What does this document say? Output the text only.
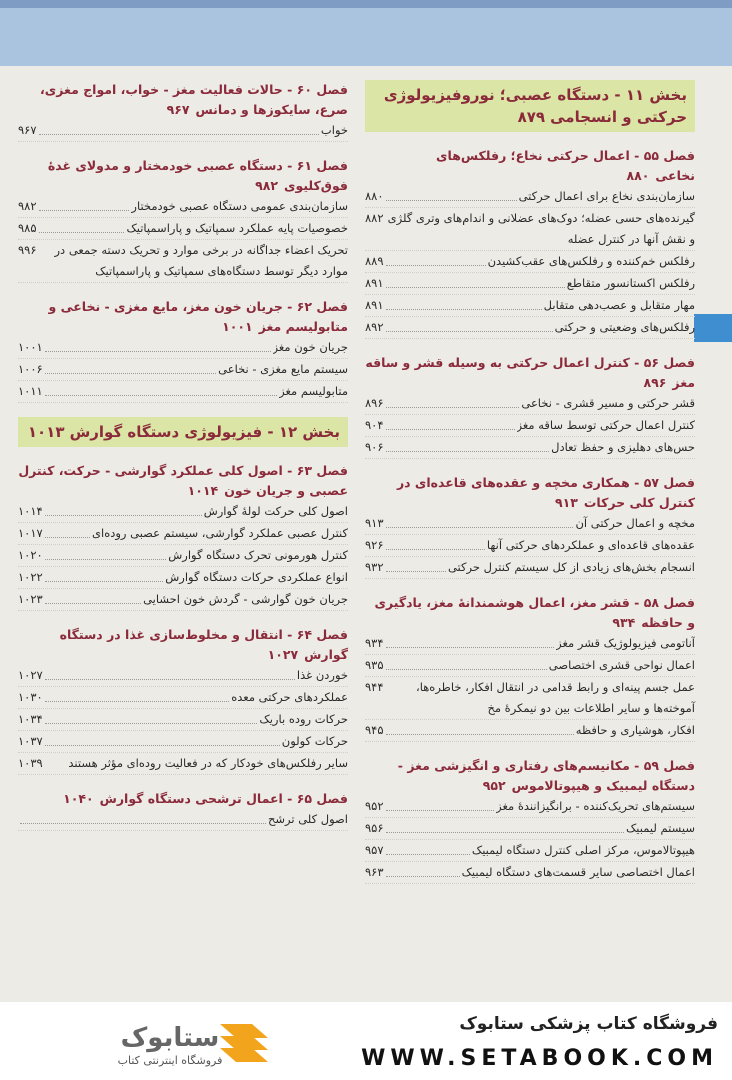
بخش ۱۱ - دستگاه عصبی؛ نوروفیزیولوژی حرکتی و انسجامی ۸۷۹
فصل ۵۵ - اعمال حرکتی نخاع؛ رفلکس‌های نخاعی۸۸۰
سازمان‌بندی نخاع برای اعمال حرکتی
۸۸۰
۸۸۲ گیرنده‌های حسی عضله؛ دوک‌های عضلانی و اندام‌های وتری گلژی و نقش آنها در کنترل عضله
رفلکس خم‌کننده و رفلکس‌های عقب‌کشیدن
۸۸۹
رفلکس اکستانسور متقاطع
۸۹۱
مهار متقابل و عصب‌دهی متقابل
۸۹۱
رفلکس‌های وضعیتی و حرکتی
۸۹۲
فصل ۵۶ - کنترل اعمال حرکتی به وسیله قشر و ساقه مغز۸۹۶
قشر حرکتی و مسیر قشری - نخاعی
۸۹۶
کنترل اعمال حرکتی توسط ساقه مغز
۹۰۴
حس‌های دهلیزی و حفظ تعادل
۹۰۶
فصل ۵۷ - همکاری مخچه و عقده‌های قاعده‌ای در کنترل کلی حرکات۹۱۳
مخچه و اعمال حرکتی آن
۹۱۳
عقده‌های قاعده‌ای و عملکردهای حرکتی آنها
۹۲۶
انسجام بخش‌های زیادی از کل سیستم کنترل حرکتی
۹۳۲
فصل ۵۸ - قشر مغز، اعمال هوشمندانهٔ مغز، یادگیری و حافظه۹۳۴
آناتومی فیزیولوژیک قشر مغز
۹۳۴
اعمال نواحی قشری اختصاصی
۹۳۵
۹۴۴	عمل جسم پینه‌ای و رابط قدامی در انتقال افکار، خاطره‌ها، آموخته‌ها و سایر اطلاعات بین دو نیمکرهٔ مخ
افکار، هوشیاری و حافظه
۹۴۵
فصل ۵۹ - مکانیسم‌های رفتاری و انگیزشی مغز - دستگاه لیمبیک و هیپوتالاموس۹۵۲
سیستم‌های تحریک‌کننده - برانگیزانندهٔ مغز
۹۵۲
سیستم لیمبیک
۹۵۶
هیپوتالاموس، مرکز اصلی کنترل دستگاه لیمبیک
۹۵۷
اعمال اختصاصی سایر قسمت‌های دستگاه لیمبیک
۹۶۳
فصل ۶۰ - حالات فعالیت مغز - خواب، امواج مغزی، صرع، سایکوزها و دمانس۹۶۷
خواب
۹۶۷
فصل ۶۱ - دستگاه عصبی خودمختار و مدولای غدهٔ فوق‌کلیوی۹۸۲
سازمان‌بندی عمومی دستگاه عصبی خودمختار
۹۸۲
خصوصیات پایه عملکرد سمپاتیک و پاراسمپاتیک
۹۸۵
۹۹۶ تحریک اعضاء جداگانه در برخی موارد و تحریک دسته جمعی در موارد دیگر توسط دستگاه‌های سمپاتیک و پاراسمپاتیک
فصل ۶۲ - جریان خون مغز، مایع مغزی - نخاعی و متابولیسم مغز۱۰۰۱
جریان خون مغز
۱۰۰۱
سیستم مایع مغزی - نخاعی
۱۰۰۶
متابولیسم مغز
۱۰۱۱
بخش ۱۲ - فیزیولوژی دستگاه گوارش ۱۰۱۳
فصل ۶۳ - اصول کلی عملکرد گوارشی - حرکت، کنترل عصبی و جریان خون۱۰۱۴
اصول کلی حرکت لولهٔ گوارش
۱۰۱۴
کنترل عصبی عملکرد گوارشی، سیستم عصبی روده‌ای
۱۰۱۷
کنترل هورمونی تحرک دستگاه گوارش
۱۰۲۰
انواع عملکردی حرکات دستگاه گوارش
۱۰۲۲
جریان خون گوارشی - گردش خون احشایی
۱۰۲۳
فصل ۶۴ - انتقال و مخلوط‌سازی غذا در دستگاه گوارش۱۰۲۷
خوردن غذا
۱۰۲۷
عملکردهای حرکتی معده
۱۰۳۰
حرکات روده باریک
۱۰۳۴
حرکات کولون
۱۰۳۷
۱۰۳۹ سایر رفلکس‌های خودکار که در فعالیت روده‌ای مؤثر هستند
فصل ۶۵ - اعمال ترشحی دستگاه گوارش۱۰۴۰
اصول کلی ترشح
ستابوک
فروشگاه اینترنتی کتاب
فروشگاه کتاب پزشکی ستابوک
WWW.SETABOOK.COM
